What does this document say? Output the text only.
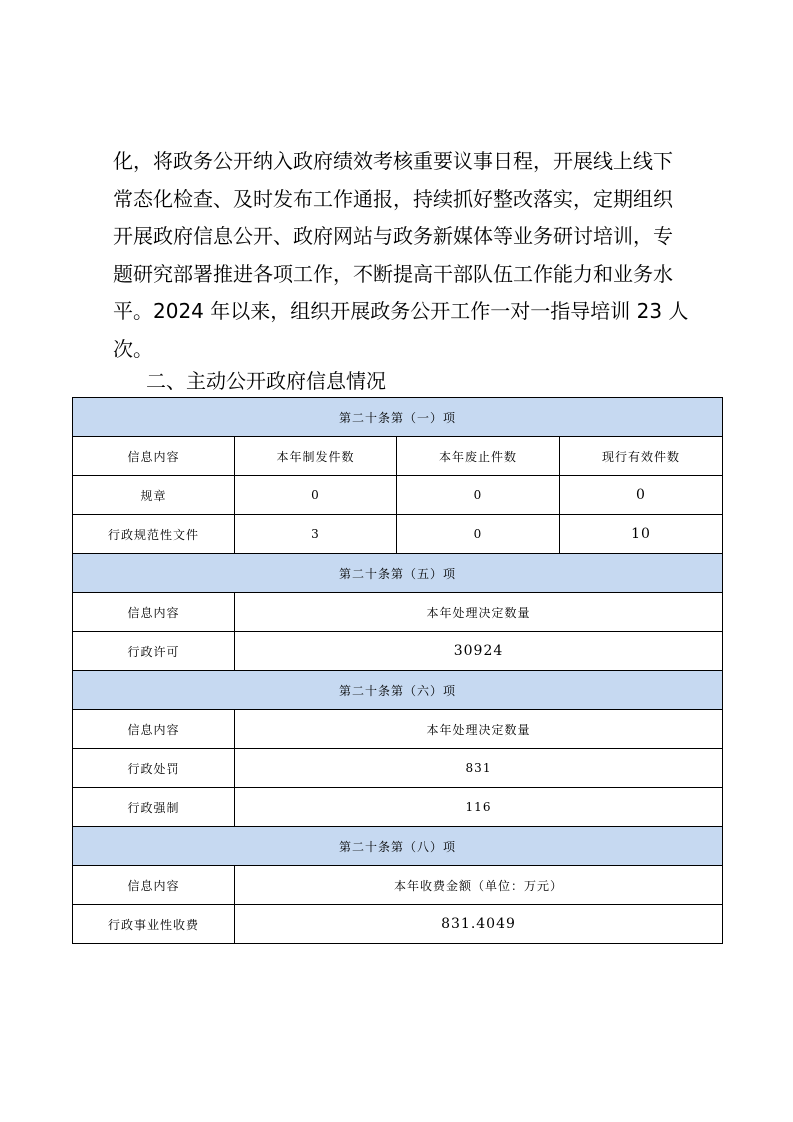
化，将政务公开纳入政府绩效考核重要议事日程，开展线上线下
常态化检查、及时发布工作通报，持续抓好整改落实，定期组织
开展政府信息公开、政府网站与政务新媒体等业务研讨培训，专
题研究部署推进各项工作，不断提高干部队伍工作能力和业务水
平。2024 年以来，组织开展政务公开工作一对一指导培训 23 人
次。
二、主动公开政府信息情况
第二十条第（一）项			
信息内容	本年制发件数	本年废止件数	现行有效件数
规章	0	0	0
行政规范性文件	3	0	10
第二十条第（五）项			
信息内容	本年处理决定数量		
行政许可	30924		
第二十条第（六）项			
信息内容	本年处理决定数量		
行政处罚	831		
行政强制	116		
第二十条第（八）项			
信息内容	本年收费金额（单位：万元）		
行政事业性收费	831.4049		
